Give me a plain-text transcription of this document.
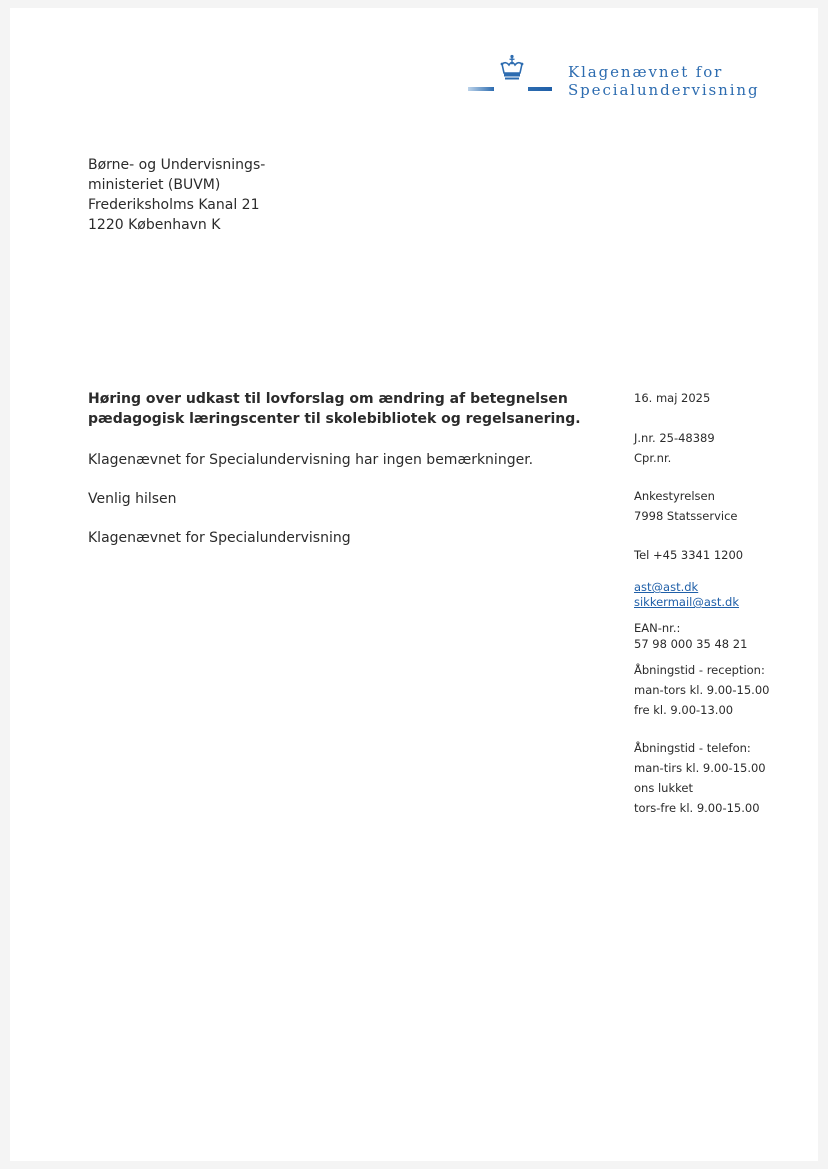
Klagenævnet for
Specialundervisning
Børne- og Undervisnings-
ministeriet (BUVM)
Frederiksholms Kanal 21
1220 København K
Høring over udkast til lovforslag om ændring af betegnelsen pædagogisk læringscenter til skolebibliotek og regelsanering.
Klagenævnet for Specialundervisning har ingen bemærkninger.
Venlig hilsen
Klagenævnet for Specialundervisning
16. maj 2025
J.nr. 25-48389
Cpr.nr.
Ankestyrelsen
7998 Statsservice
Tel +45 3341 1200
ast@ast.dk
sikkermail@ast.dk
EAN-nr.:
57 98 000 35 48 21
Åbningstid - reception:
man-tors kl. 9.00-15.00
fre kl. 9.00-13.00
Åbningstid - telefon:
man-tirs kl. 9.00-15.00
ons lukket
tors-fre kl. 9.00-15.00
